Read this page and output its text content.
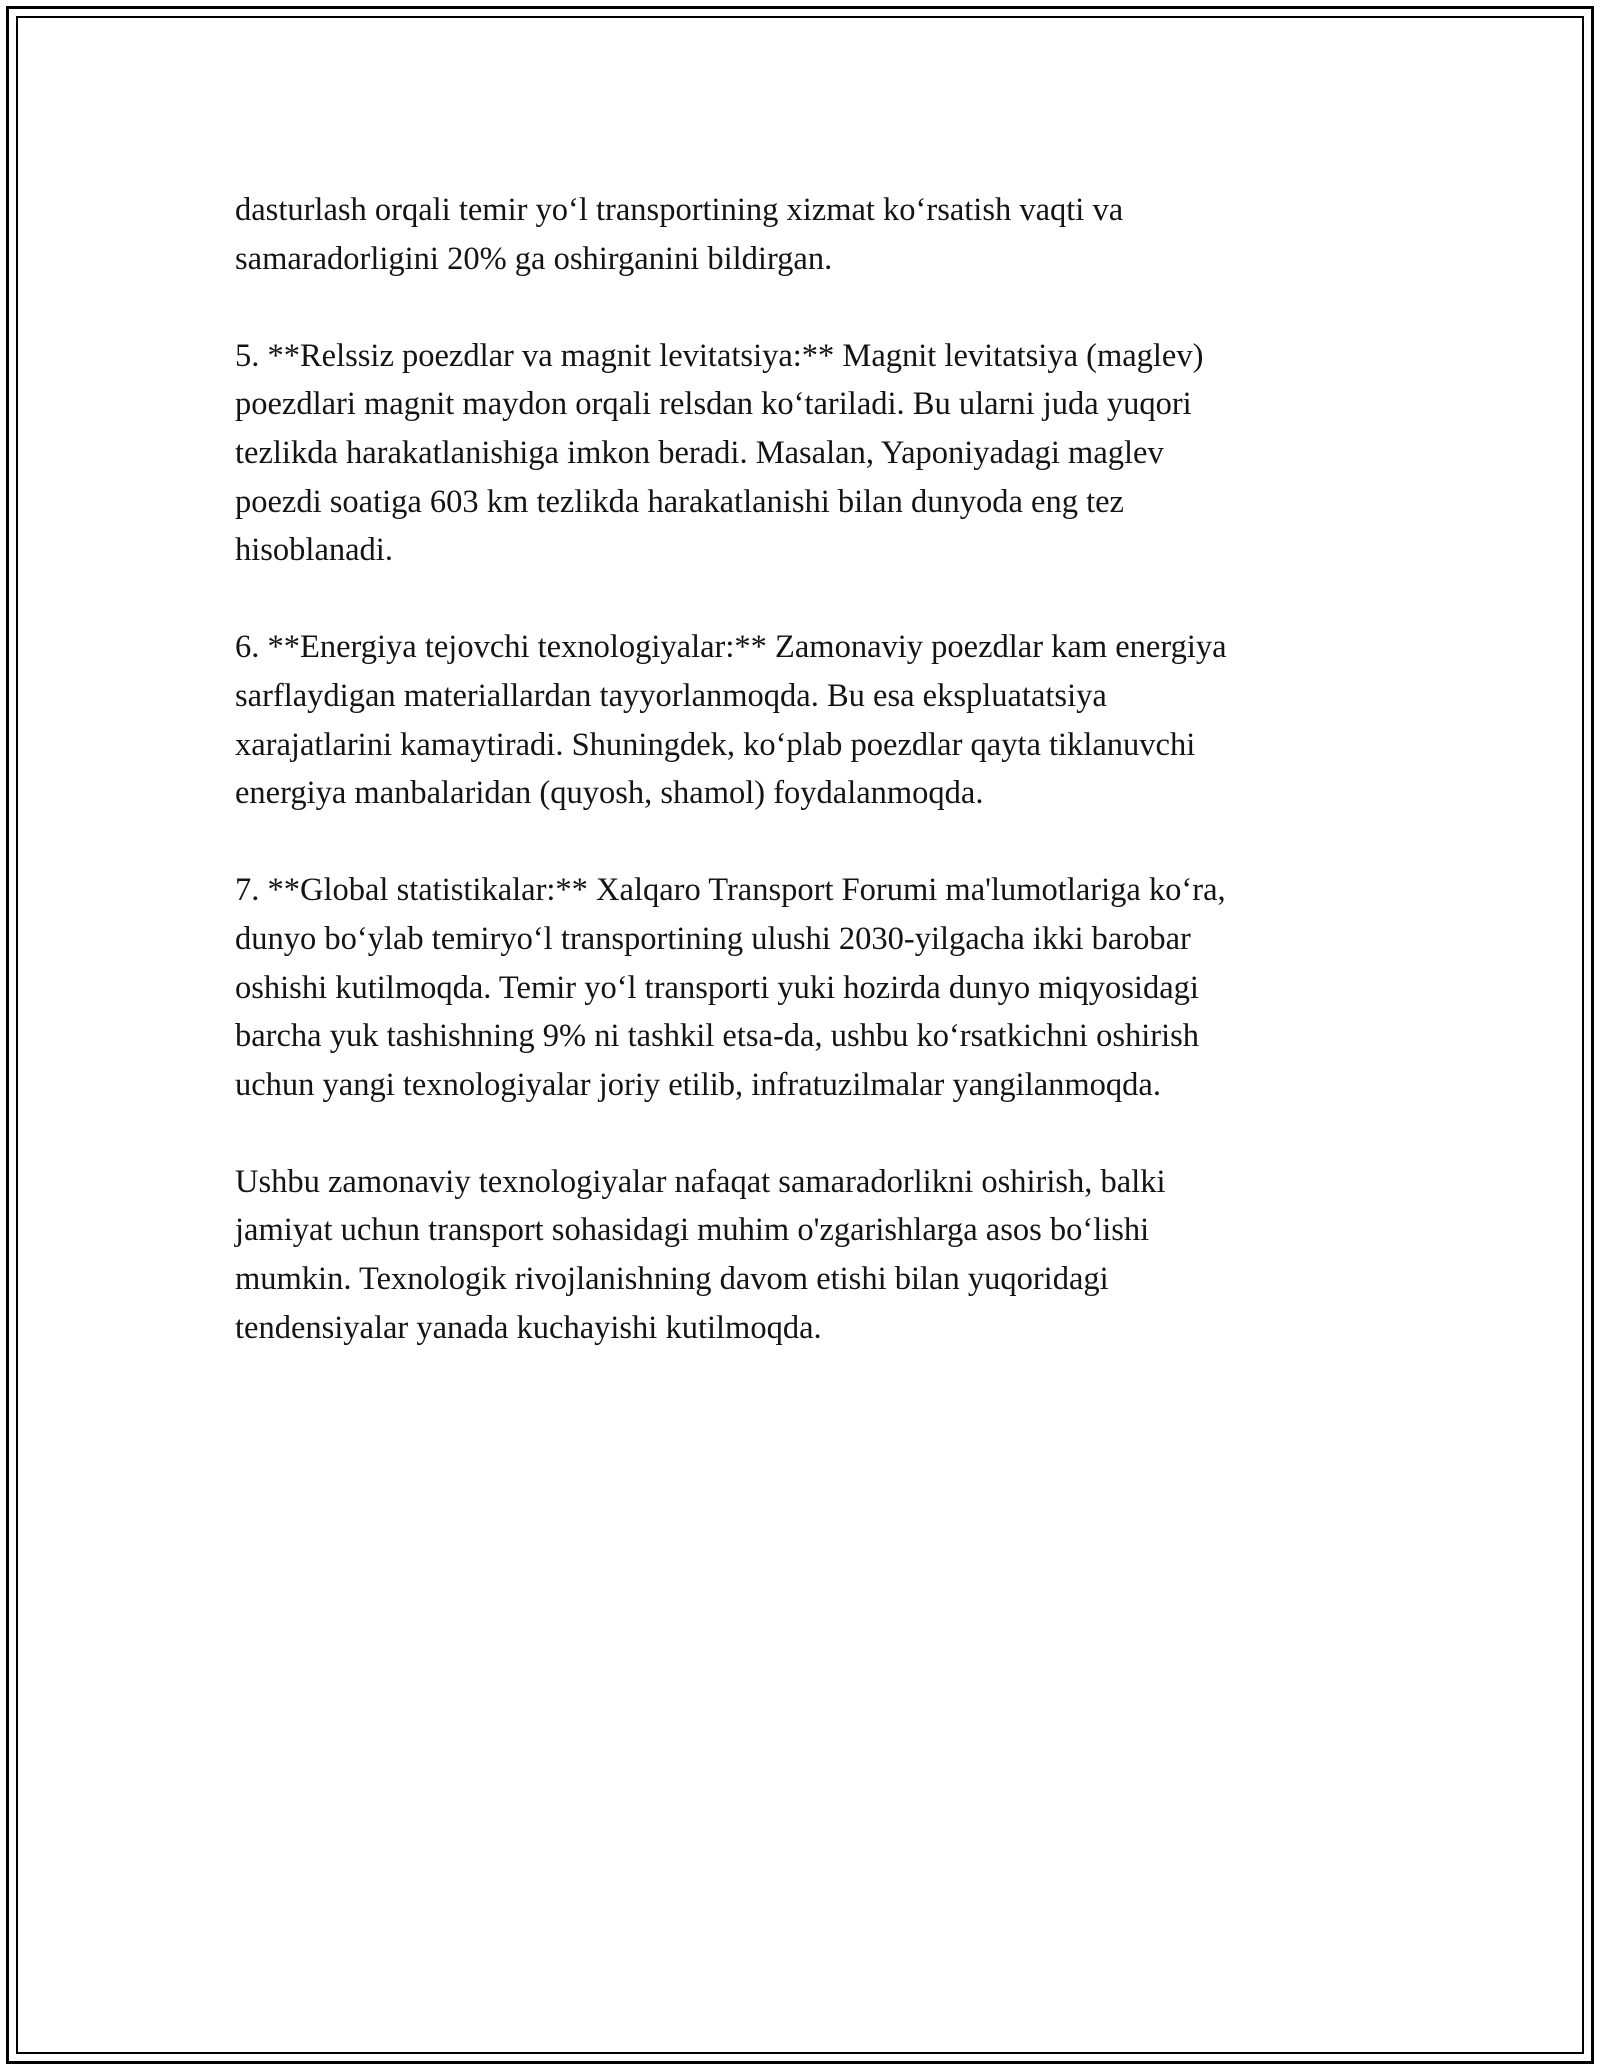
dasturlash orqali temir yoʻl transportining xizmat koʻrsatish vaqti va
samaradorligini 20% ga oshirganini bildirgan.

5. **Relssiz poezdlar va magnit levitatsiya:** Magnit levitatsiya (maglev)
poezdlari magnit maydon orqali relsdan koʻtariladi. Bu ularni juda yuqori
tezlikda harakatlanishiga imkon beradi. Masalan, Yaponiyadagi maglev
poezdi soatiga 603 km tezlikda harakatlanishi bilan dunyoda eng tez
hisoblanadi.

6. **Energiya tejovchi texnologiyalar:** Zamonaviy poezdlar kam energiya
sarflaydigan materiallardan tayyorlanmoqda. Bu esa ekspluatatsiya
xarajatlarini kamaytiradi. Shuningdek, koʻplab poezdlar qayta tiklanuvchi
energiya manbalaridan (quyosh, shamol) foydalanmoqda.

7. **Global statistikalar:** Xalqaro Transport Forumi ma'lumotlariga koʻra,
dunyo boʻylab temiryoʻl transportining ulushi 2030-yilgacha ikki barobar
oshishi kutilmoqda. Temir yoʻl transporti yuki hozirda dunyo miqyosidagi
barcha yuk tashishning 9% ni tashkil etsa-da, ushbu koʻrsatkichni oshirish
uchun yangi texnologiyalar joriy etilib, infratuzilmalar yangilanmoqda.

Ushbu zamonaviy texnologiyalar nafaqat samaradorlikni oshirish, balki
jamiyat uchun transport sohasidagi muhim o'zgarishlarga asos boʻlishi
mumkin. Texnologik rivojlanishning davom etishi bilan yuqoridagi
tendensiyalar yanada kuchayishi kutilmoqda.
